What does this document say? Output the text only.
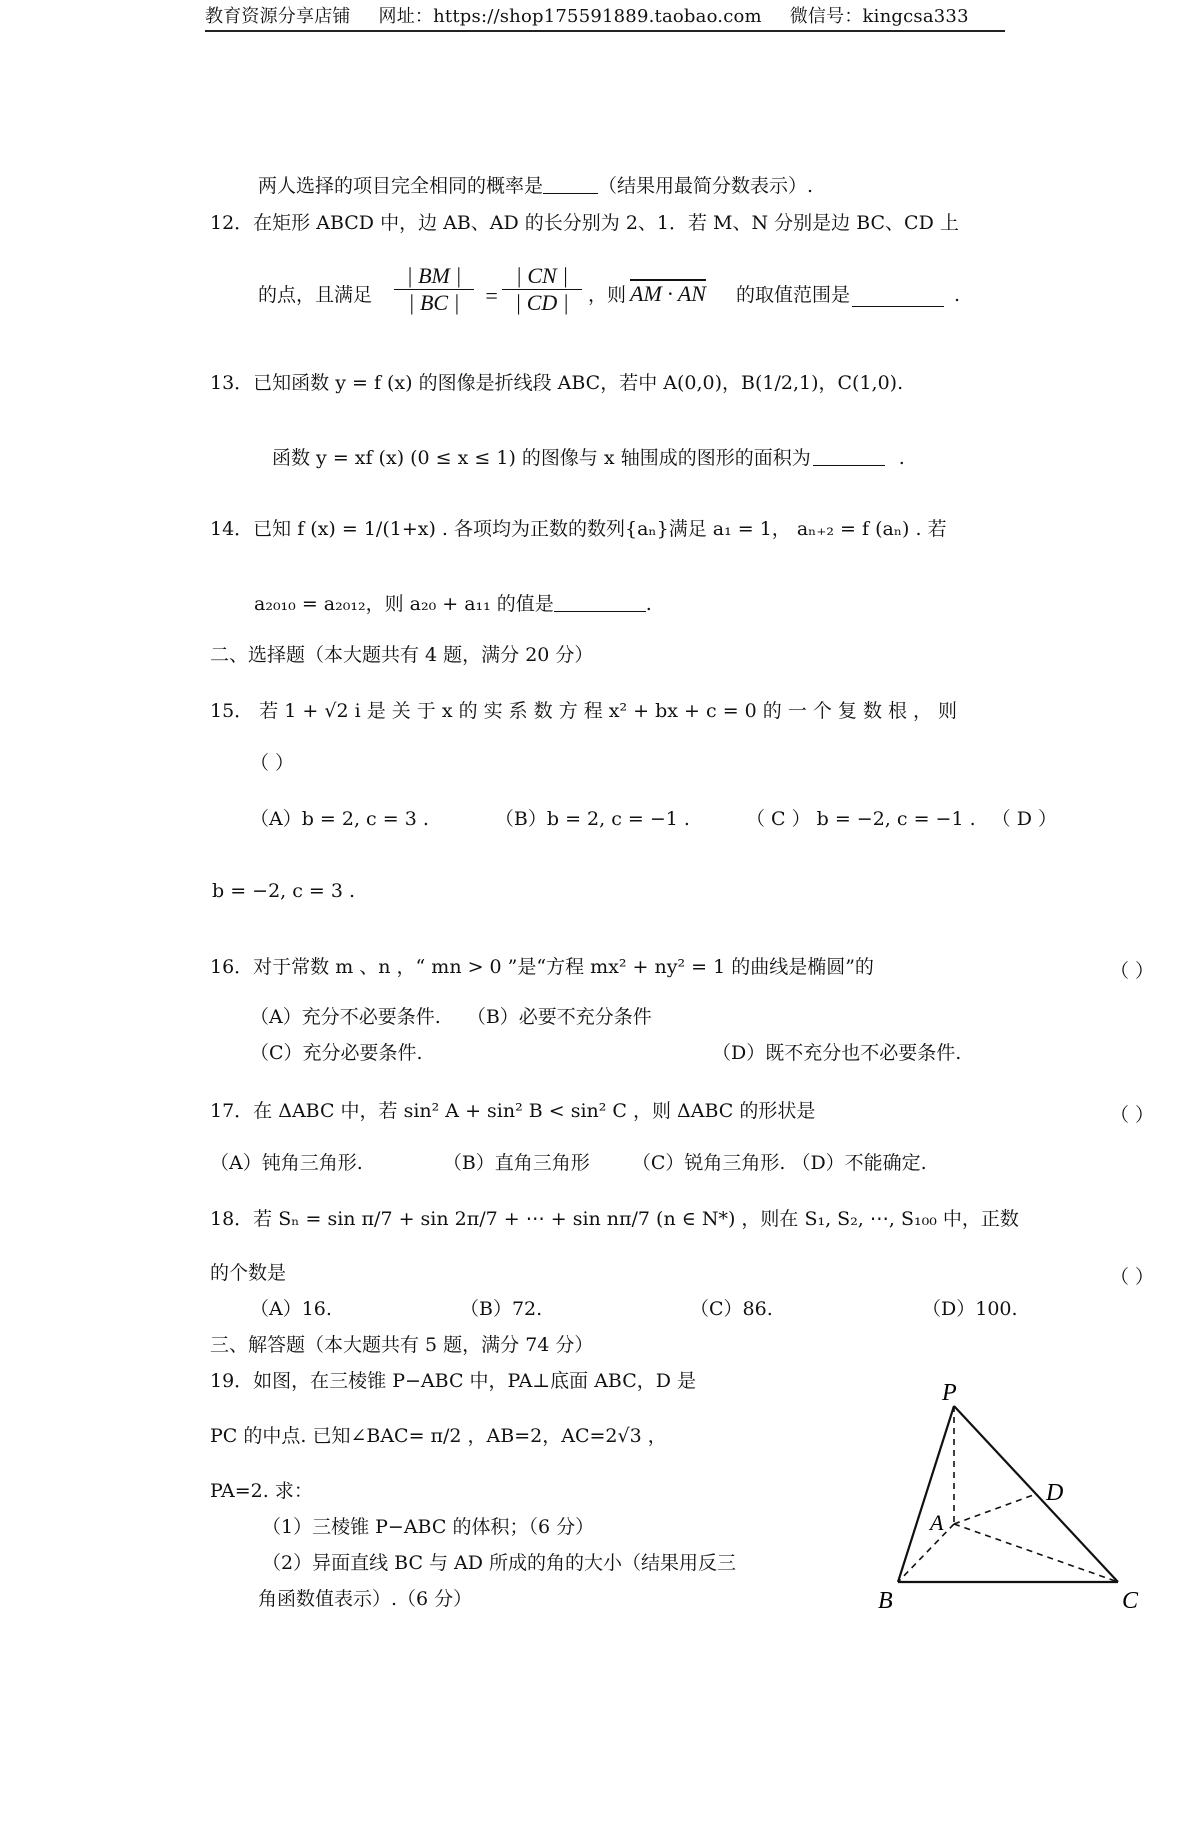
教育资源分享店铺 网址：https://shop175591889.taobao.com 微信号：kingcsa333
两人选择的项目完全相同的概率是	（结果用最简分数表示）.
12．在矩形 ABCD 中，边 AB、AD 的长分别为 2、1．若 M、N 分别是边 BC、CD 上
的点，且满足 $\frac{| BM |}{| BC |} = \frac{| CN |}{| CD |}$ ，则 AM · AN 的取值范围是	.
13．已知函数 y = f (x) 的图像是折线段 ABC，若中 A(0,0)，B(1/2,1)，C(1,0).
函数 y = xf (x) (0 ≤ x ≤ 1) 的图像与 x 轴围成的图形的面积为	.
14．已知 f (x) = 1/(1+x) . 各项均为正数的数列{aₙ}满足 a₁ = 1， aₙ₊₂ = f (aₙ) . 若
a₂₀₁₀ = a₂₀₁₂，则 a₂₀ + a₁₁ 的值是	.
二、选择题（本大题共有 4 题，满分 20 分）
15． 若 1 + √2 i 是 关 于 x 的 实 系 数 方 程 x² + bx + c = 0 的 一 个 复 数 根 ， 则
（ ）
（A）b = 2, c = 3 .	（B）b = 2, c = −1 .	（ C ） b = −2, c = −1 . （ D ）
b = −2, c = 3 .
16．对于常数 m 、n ，“ mn > 0 ”是“方程 mx² + ny² = 1 的曲线是椭圆”的	（ ）
（A）充分不必要条件. （B）必要不充分条件
（C）充分必要条件.	（D）既不充分也不必要条件.
17．在 ΔABC 中，若 sin² A + sin² B < sin² C ，则 ΔABC 的形状是	（ ）
（A）钝角三角形.	（B）直角三角形 （C）锐角三角形. （D）不能确定.
18．若 Sₙ = sin π/7 + sin 2π/7 + ⋯ + sin nπ/7 (n ∈ N*) ，则在 S₁, S₂, ⋯, S₁₀₀ 中，正数
的个数是	（ ）
（A）16.	（B）72.	（C）86.	（D）100.
三、解答题（本大题共有 5 题，满分 74 分）
19．如图，在三棱锥 P−ABC 中，PA⊥底面 ABC，D 是
PC 的中点. 已知∠BAC= π/2 ，AB=2，AC=2√3 ，
PA=2. 求：
（1）三棱锥 P−ABC 的体积；（6 分）
（2）异面直线 BC 与 AD 所成的角的大小（结果用反三
角函数值表示）.（6 分）
P
A
B	C
D
